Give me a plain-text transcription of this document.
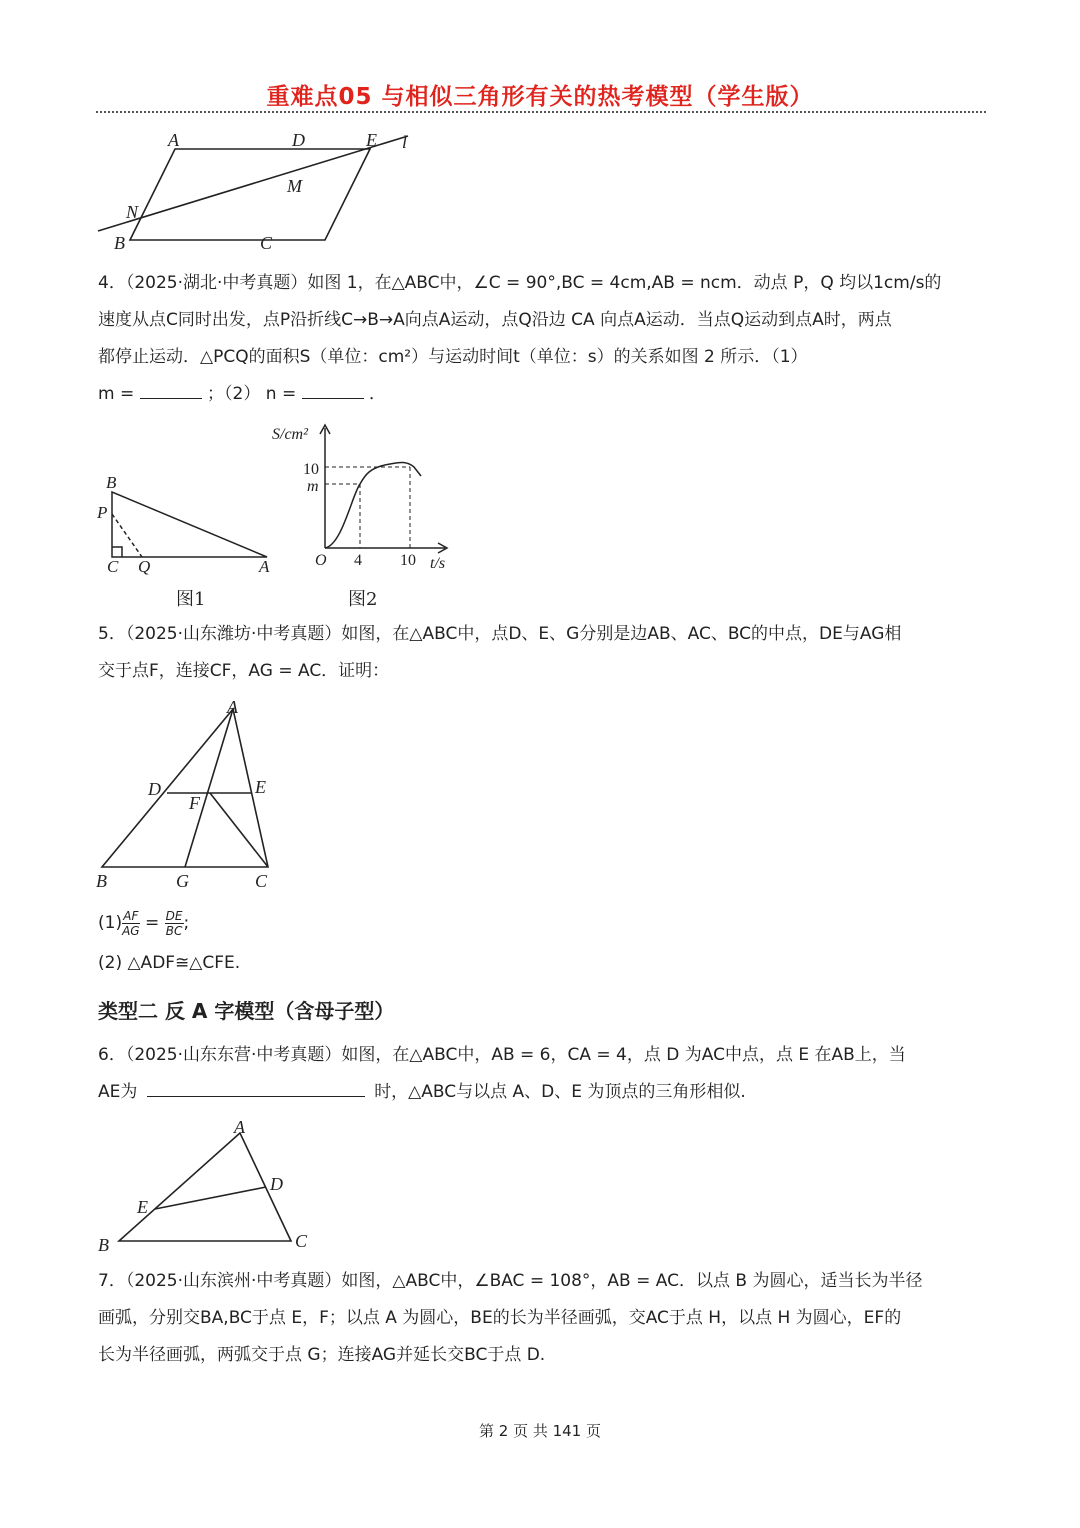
重难点05 与相似三角形有关的热考模型（学生版）
A	D	E l
M
N
B	C
4．（2025·湖北·中考真题）如图 1，在△ABC中，∠C = 90°,BC = 4cm,AB = ncm．动点 P，Q 均以1cm/s的
速度从点C同时出发，点P沿折线C→B→A向点A运动，点Q沿边 CA 向点A运动．当点Q运动到点A时，两点
都停止运动．△PCQ的面积S（单位：cm²）与运动时间t（单位：s）的关系如图 2 所示．（1）
m =	；（2） n =	．
B
P
C Q	A
图1
S/cm²
10
m
O 4 10 t/s
图2
5．（2025·山东潍坊·中考真题）如图，在△ABC中，点D、E、G分别是边AB、AC、BC的中点，DE与AG相
交于点F，连接CF，AG = AC．证明：
A
D	E
F
B	G	C
$(1) \frac{AF}{AG} = \frac{DE}{BC}$ ;
(2) △ADF≅△CFE.
类型二 反 A 字模型（含母子型）
6．（2025·山东东营·中考真题）如图，在△ABC中，AB = 6，CA = 4，点 D 为AC中点，点 E 在AB上，当
AE为	时，△ABC与以点 A、D、E 为顶点的三角形相似.
A
D
E
B	C
7．（2025·山东滨州·中考真题）如图，△ABC中，∠BAC = 108°，AB = AC．以点 B 为圆心，适当长为半径
画弧，分别交BA,BC于点 E，F；以点 A 为圆心，BE的长为半径画弧，交AC于点 H，以点 H 为圆心，EF的
长为半径画弧，两弧交于点 G；连接AG并延长交BC于点 D.
第 2 页 共 141 页
